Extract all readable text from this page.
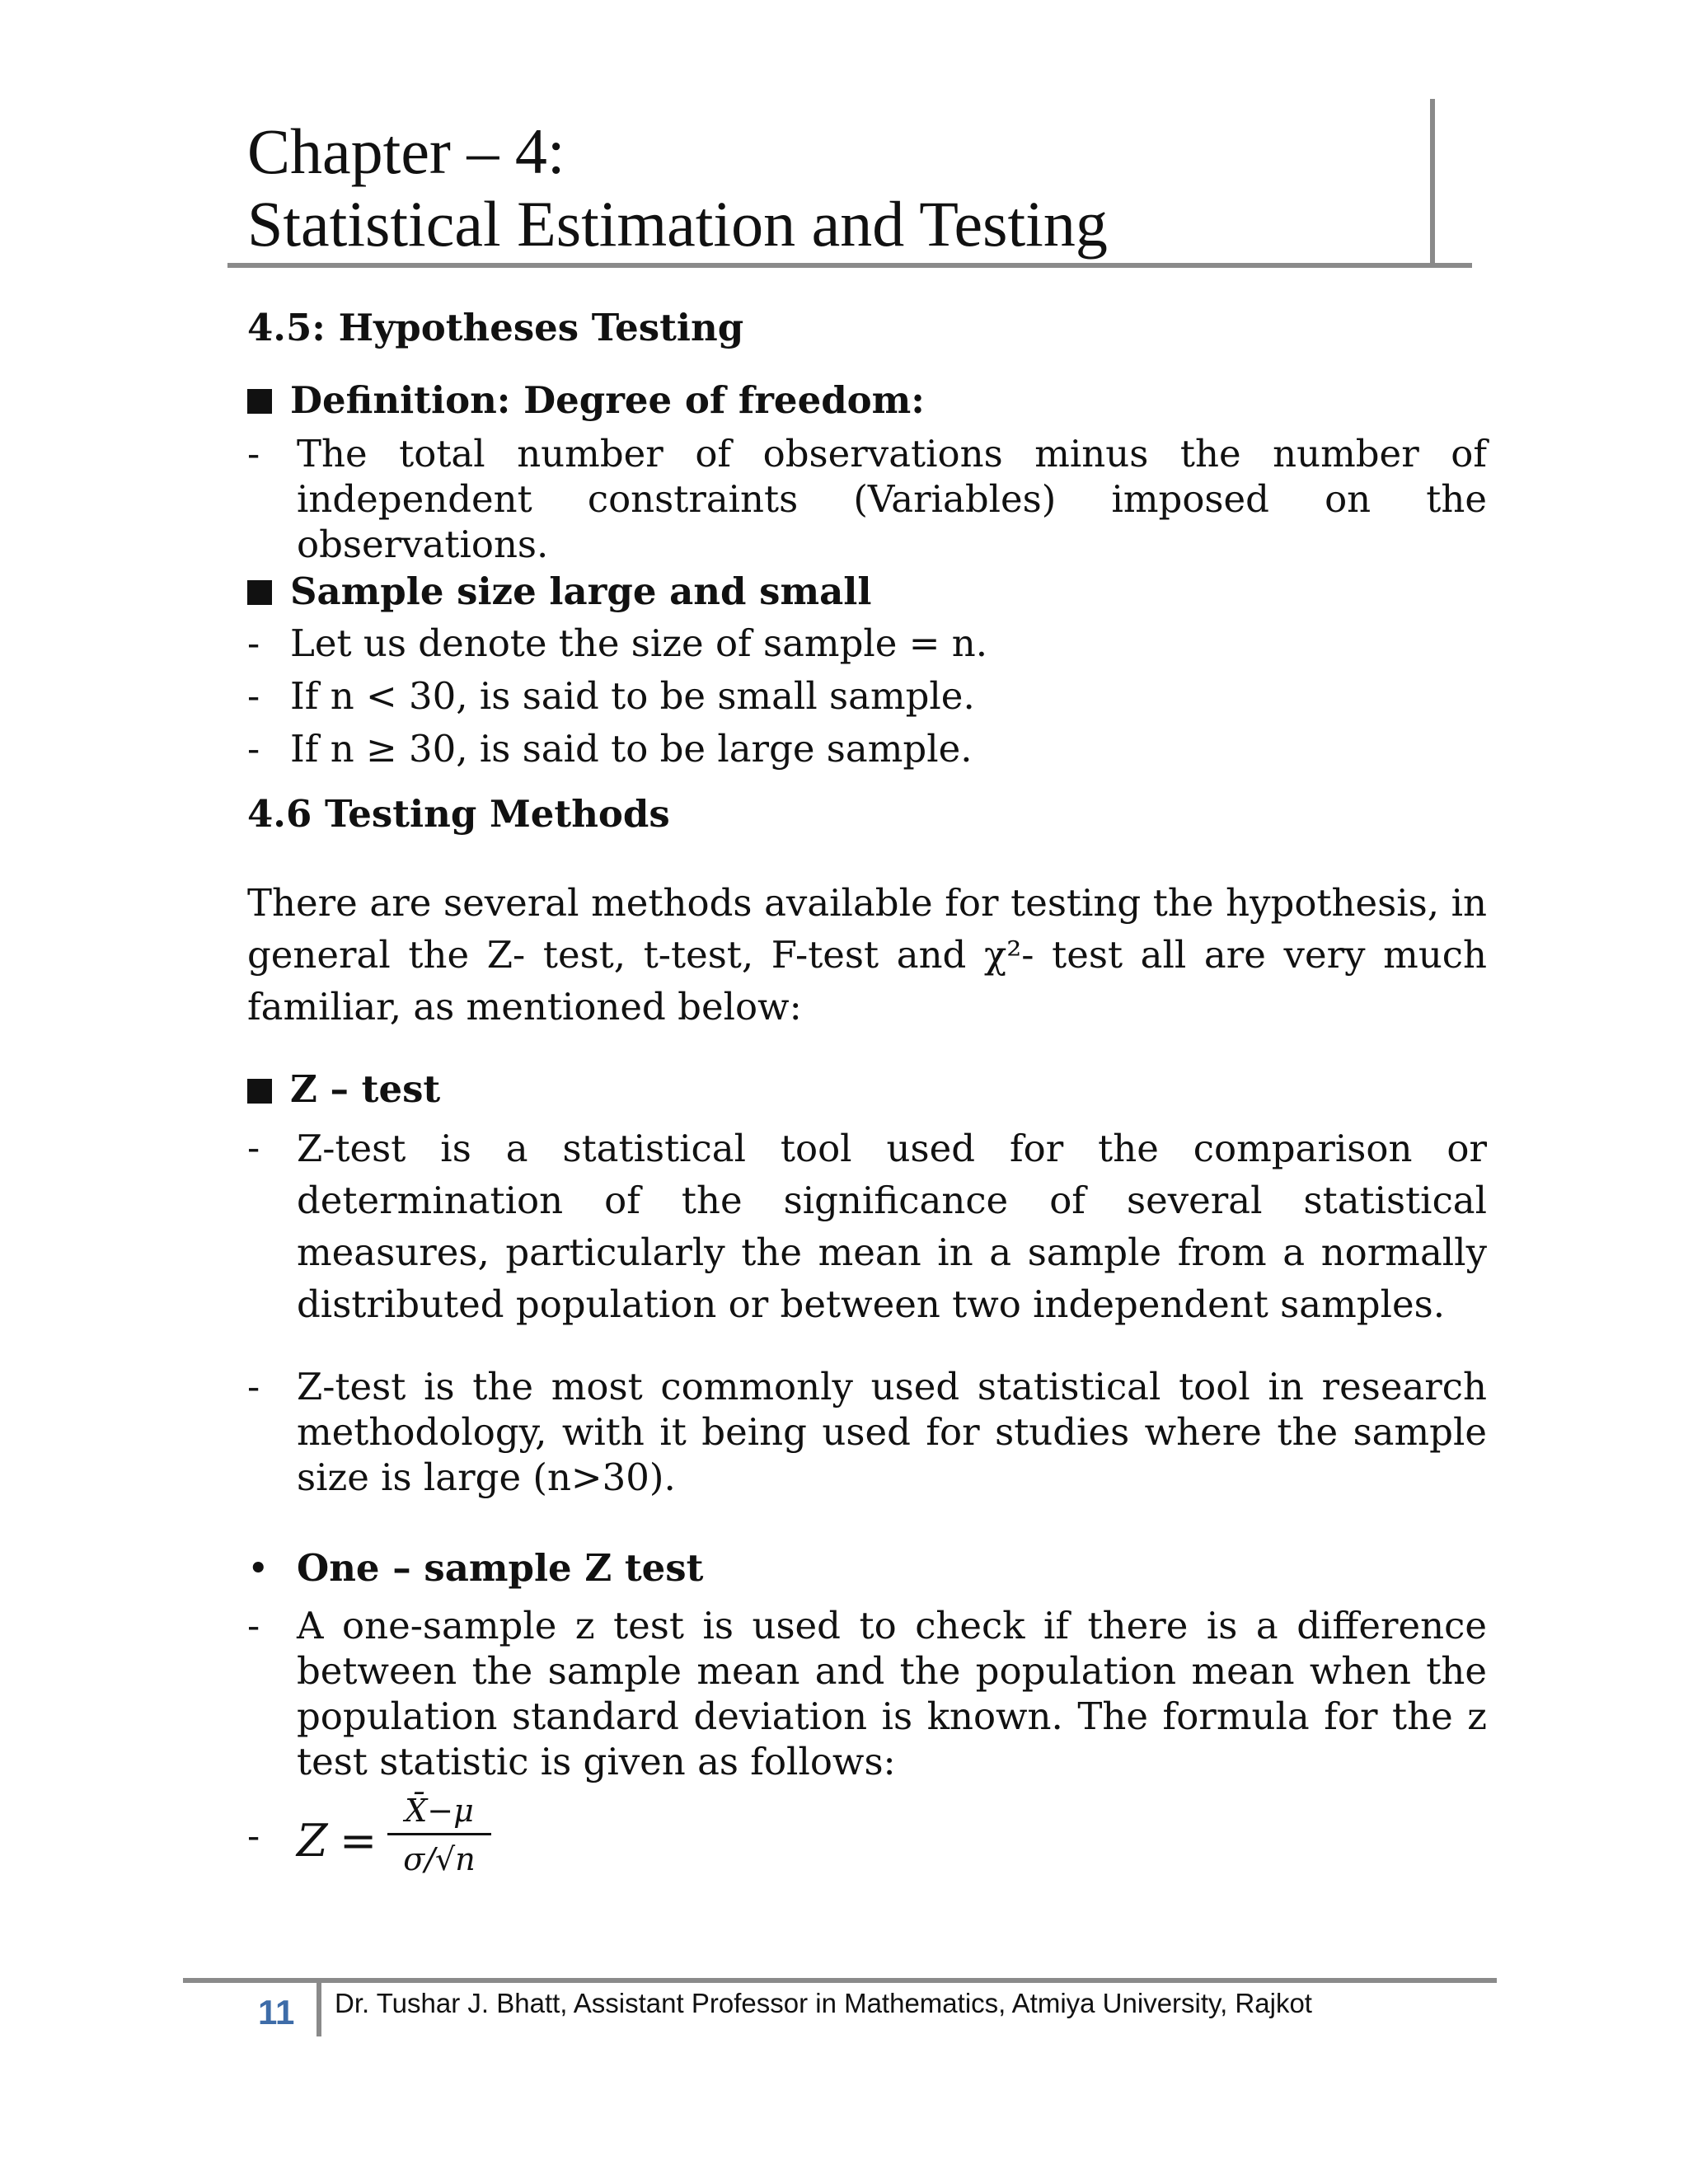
Chapter – 4:
Statistical Estimation and Testing
4.5: Hypotheses Testing
Definition: Degree of freedom:
- The total number of observations minus the number of independent constraints (Variables) imposed on the observations.
Sample size large and small
- Let us denote the size of sample = n.
- If n < 30, is said to be small sample.
- If n ≥ 30, is said to be large sample.
4.6 Testing Methods
There are several methods available for testing the hypothesis, in general the Z- test, t-test, F-test and χ²- test all are very much familiar, as mentioned below:
Z – test
- Z-test is a statistical tool used for the comparison or determination of the significance of several statistical measures, particularly the mean in a sample from a normally distributed population or between two independent samples.
- Z-test is the most commonly used statistical tool in research methodology, with it being used for studies where the sample size is large (n>30).
• One – sample Z test
- A one-sample z test is used to check if there is a difference between the sample mean and the population mean when the population standard deviation is known. The formula for the z test statistic is given as follows:
- Z =
X̄−μ
σ/√n
11 Dr. Tushar J. Bhatt, Assistant Professor in Mathematics, Atmiya University, Rajkot
